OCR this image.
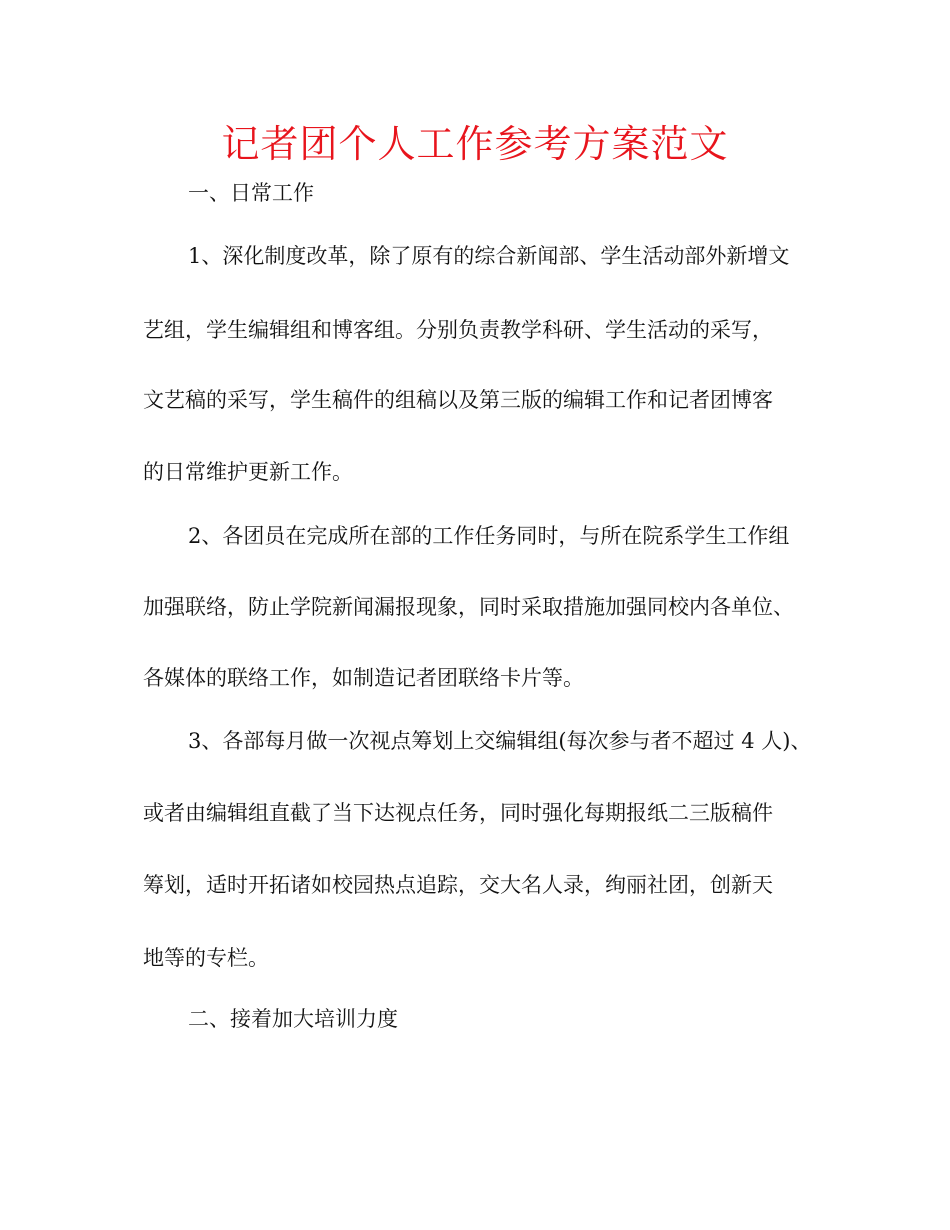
记者团个人工作参考方案范文
一、日常工作
1、深化制度改革，除了原有的综合新闻部、学生活动部外新增文
艺组，学生编辑组和博客组。分别负责教学科研、学生活动的采写，
文艺稿的采写，学生稿件的组稿以及第三版的编辑工作和记者团博客
的日常维护更新工作。
2、各团员在完成所在部的工作任务同时，与所在院系学生工作组
加强联络，防止学院新闻漏报现象，同时采取措施加强同校内各单位、
各媒体的联络工作，如制造记者团联络卡片等。
3、各部每月做一次视点筹划上交编辑组(每次参与者不超过 4 人)、
或者由编辑组直截了当下达视点任务，同时强化每期报纸二三版稿件
筹划，适时开拓诸如校园热点追踪，交大名人录，绚丽社团，创新天
地等的专栏。
二、接着加大培训力度
